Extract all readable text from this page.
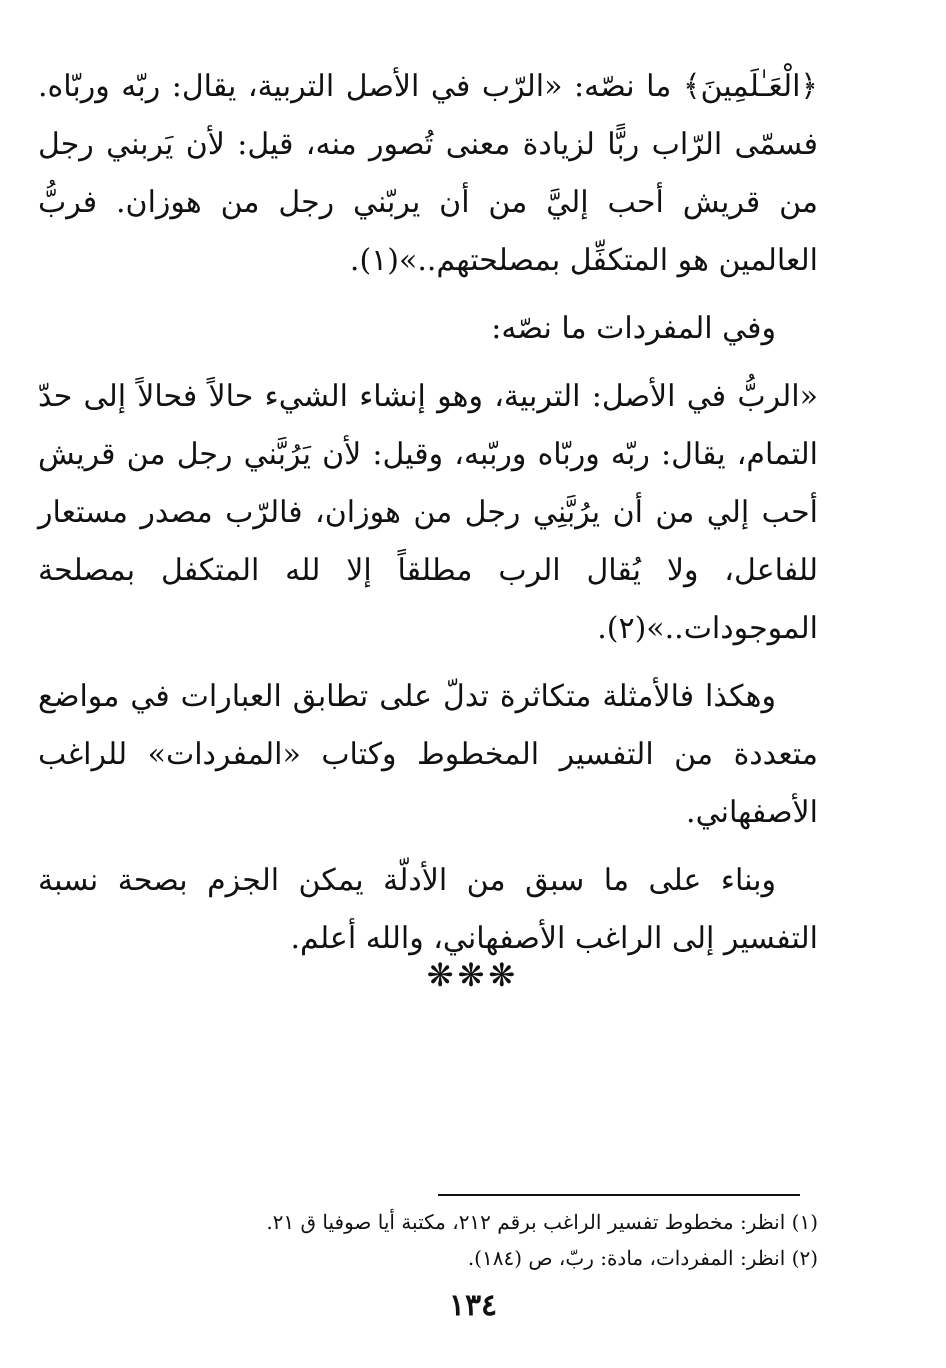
﴿الْعَـٰلَمِينَ﴾ ما نصّه: «الرّب في الأصل التربية، يقال: ربّه وربّاه. فسمّى الرّاب ربًّا لزيادة معنى تُصور منه، قيل: لأن يَربني رجل من قريش أحب إليَّ من أن يربّني رجل من هوزان. فربُّ العالمين هو المتكفِّل بمصلحتهم..»(١).

وفي المفردات ما نصّه:

«الربُّ في الأصل: التربية، وهو إنشاء الشيء حالاً فحالاً إلى حدّ التمام، يقال: ربّه وربّاه وربّبه، وقيل: لأن يَرُبَّني رجل من قريش أحب إلي من أن يرُبَّنِي رجل من هوزان، فالرّب مصدر مستعار للفاعل، ولا يُقال الرب مطلقاً إلا لله المتكفل بمصلحة الموجودات..»(٢).

وهكذا فالأمثلة متكاثرة تدلّ على تطابق العبارات في مواضع متعددة من التفسير المخطوط وكتاب «المفردات» للراغب الأصفهاني.

وبناء على ما سبق من الأدلّة يمكن الجزم بصحة نسبة التفسير إلى الراغب الأصفهاني، والله أعلم.

❋❋❋

(١) انظر: مخطوط تفسير الراغب برقم ٢١٢، مكتبة أيا صوفيا ق ٢١.

(٢) انظر: المفردات، مادة: ربّ، ص (١٨٤).

١٣٤
